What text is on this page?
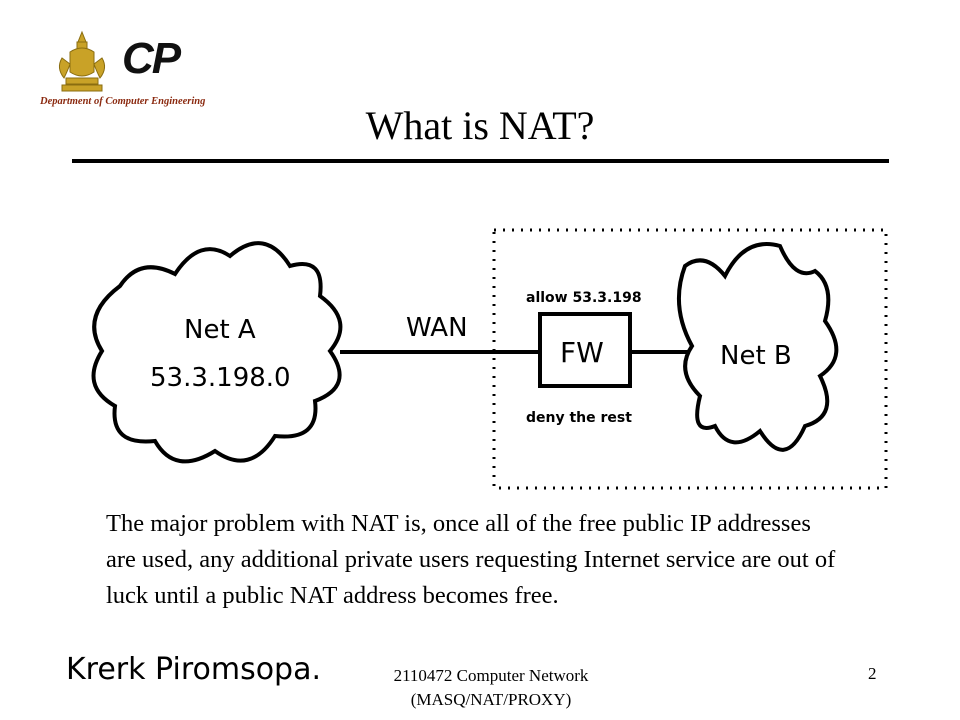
CP
Department of Computer Engineering
What is NAT?
Net A
53.3.198.0
WAN
allow 53.3.198
FW
deny the rest
Net B
The major problem with NAT is, once all of the free public IP addresses are used, any additional private users requesting Internet service are out of luck until a public NAT address becomes free.
Krerk Piromsopa.	2110472 Computer Network
(MASQ/NAT/PROXY)
2
